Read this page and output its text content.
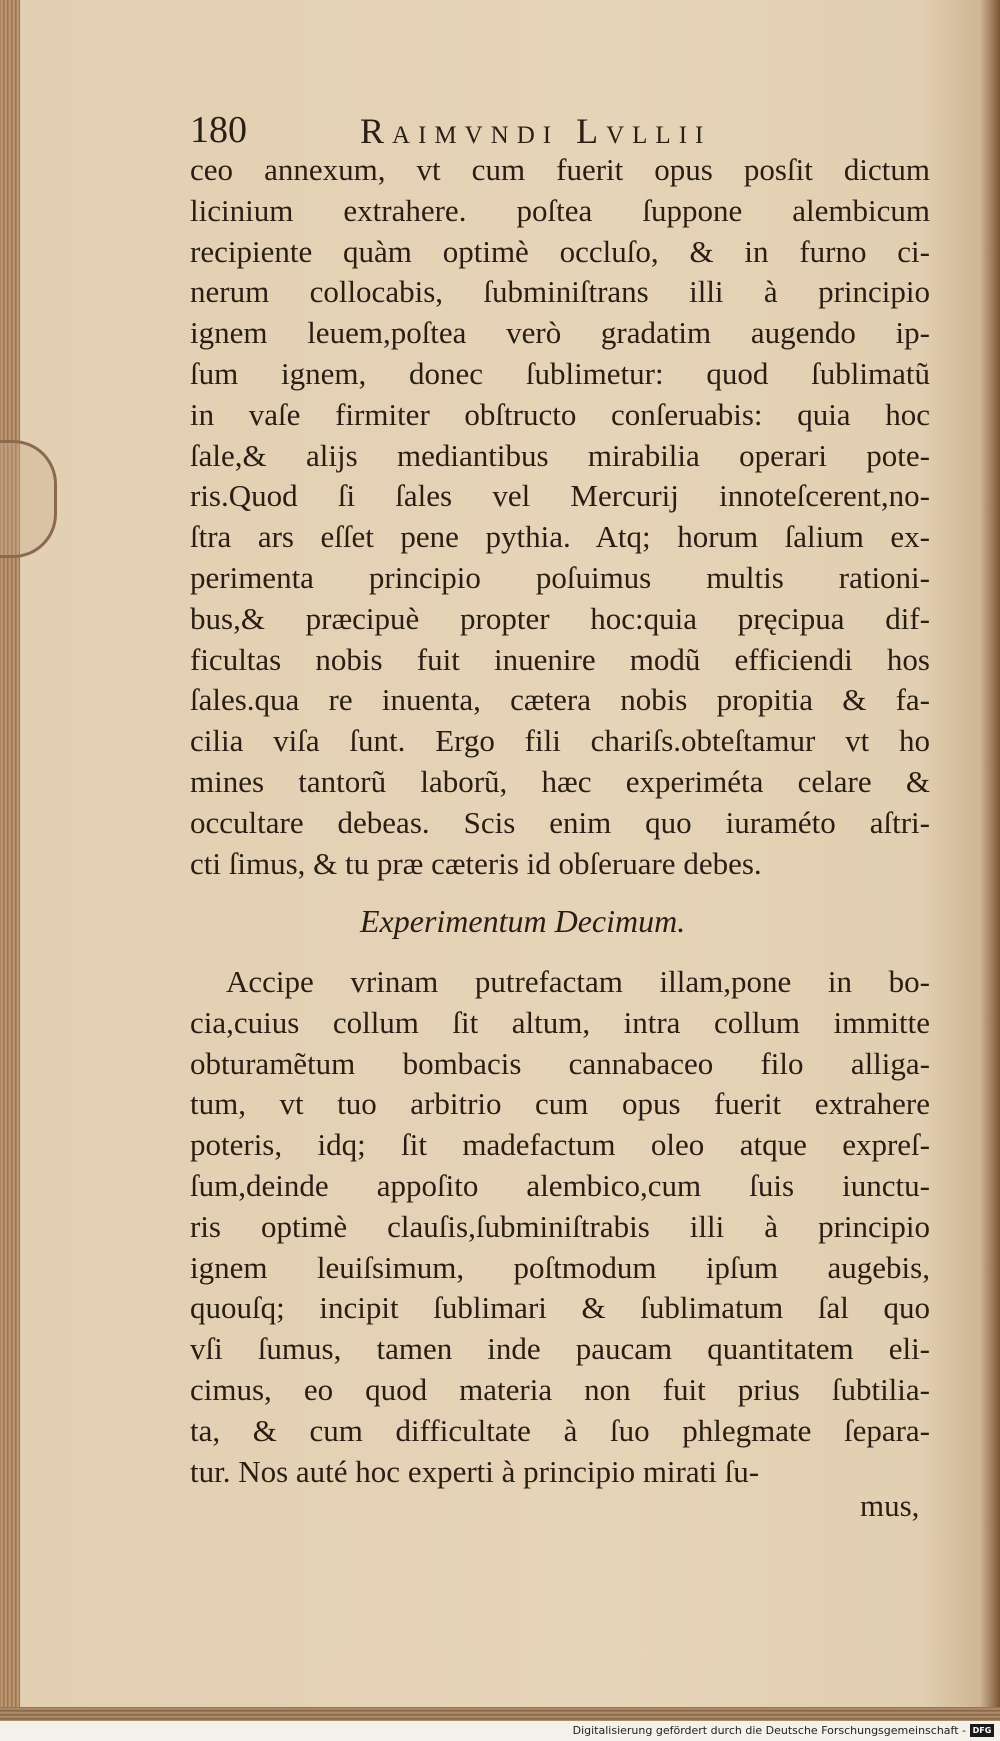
180	Raimvndi Lvllii
ceo annexum, vt cum fuerit opus posſit dictum
licinium extrahere. poſtea ſuppone alembicum
recipiente quàm optimè occluſo, & in furno ci-
nerum collocabis, ſubminiſtrans illi à principio
ignem leuem,poſtea verò gradatim augendo ip-
ſum ignem, donec ſublimetur: quod ſublimatũ
in vaſe firmiter obſtructo conſeruabis: quia hoc
ſale,& alijs mediantibus mirabilia operari pote-
ris.Quod ſi ſales vel Mercurij innoteſcerent,no-
ſtra ars eſſet pene pythia. Atq; horum ſalium ex-
perimenta principio poſuimus multis rationi-
bus,& præcipuè propter hoc:quia pręcipua dif-
ficultas nobis fuit inuenire modũ efficiendi hos
ſales.qua re inuenta, cætera nobis propitia & fa-
cilia viſa ſunt. Ergo fili chariſs.obteſtamur vt ho
mines tantorũ laborũ, hæc experiméta celare &
occultare debeas. Scis enim quo iuraméto aſtri-
cti ſimus, & tu præ cæteris id obſeruare debes.
Experimentum Decimum.
Accipe vrinam putrefactam illam,pone in bo-
cia,cuius collum ſit altum, intra collum immitte
obturamẽtum bombacis cannabaceo filo alliga-
tum, vt tuo arbitrio cum opus fuerit extrahere
poteris, idq; ſit madefactum oleo atque expreſ-
ſum,deinde appoſito alembico,cum ſuis iunctu-
ris optimè clauſis,ſubminiſtrabis illi à principio
ignem leuiſsimum, poſtmodum ipſum augebis,
quouſq; incipit ſublimari & ſublimatum ſal quo
vſi ſumus, tamen inde paucam quantitatem eli-
cimus, eo quod materia non fuit prius ſubtilia-
ta, & cum difficultate à ſuo phlegmate ſepara-
tur. Nos auté hoc experti à principio mirati ſu-
mus,
Digitalisierung gefördert durch die Deutsche Forschungsgemeinschaft - DFG
